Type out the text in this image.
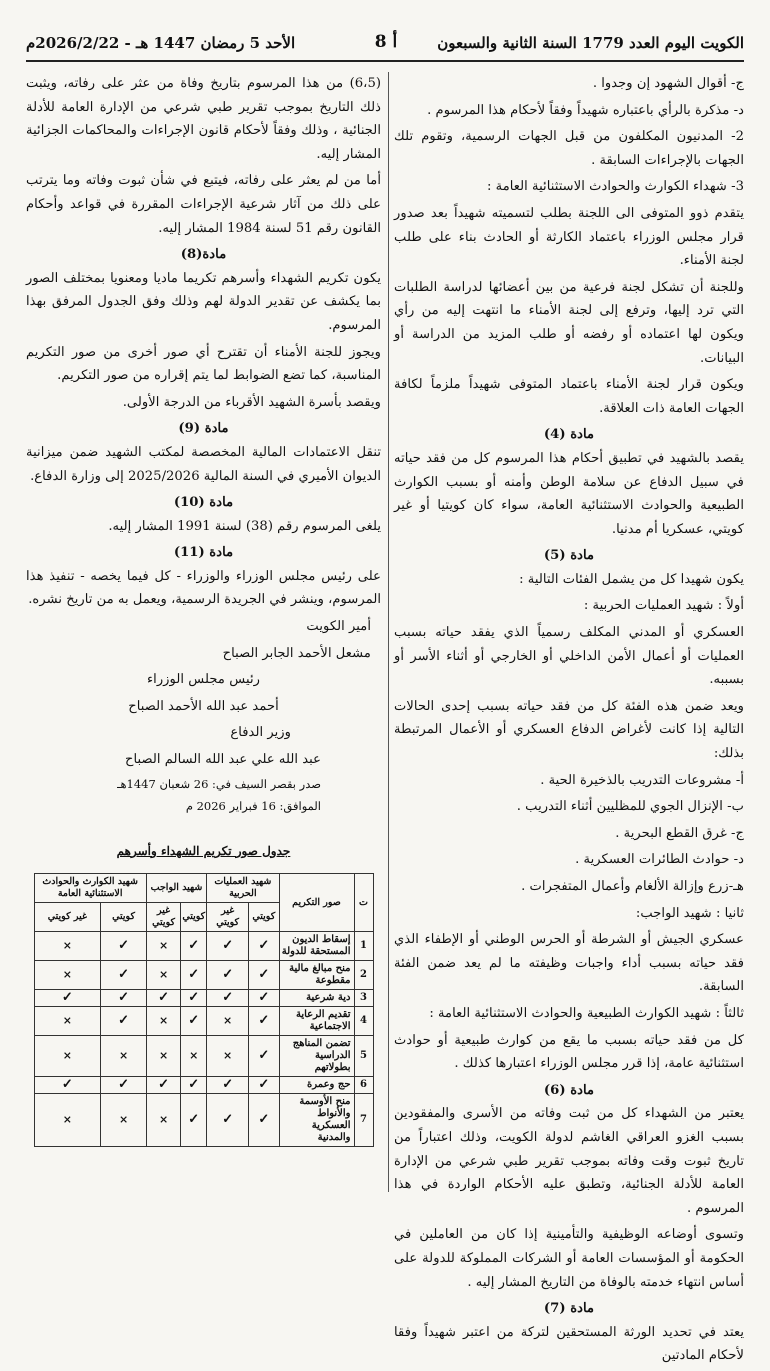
الكويت اليوم العدد 1779 السنة الثانية والسبعون
أ 8
الأحد 5 رمضان 1447 هـ - 2026/2/22م

ج- أقوال الشهود إن وجدوا .

د- مذكرة بالرأي باعتباره شهيداً وفقاً لأحكام هذا المرسوم .

2- المدنيون المكلفون من قبل الجهات الرسمية، وتقوم تلك الجهات بالإجراءات السابقة .

3- شهداء الكوارث والحوادث الاستثنائية العامة :

يتقدم ذوو المتوفى الى اللجنة بطلب لتسميته شهيداً بعد صدور قرار مجلس الوزراء باعتماد الكارثة أو الحادث بناء على طلب لجنة الأمناء.

وللجنة أن تشكل لجنة فرعية من بين أعضائها لدراسة الطلبات التي ترد إليها، وترفع إلى لجنة الأمناء ما انتهت إليه من رأي ويكون لها اعتماده أو رفضه أو طلب المزيد من الدراسة أو البيانات.

ويكون قرار لجنة الأمناء باعتماد المتوفى شهيداً ملزماً لكافة الجهات العامة ذات العلاقة.

مادة (4)

يقصد بالشهيد في تطبيق أحكام هذا المرسوم كل من فقد حياته في سبيل الدفاع عن سلامة الوطن وأمنه أو بسبب الكوارث الطبيعية والحوادث الاستثنائية العامة، سواء كان كويتيا أو غير كويتي، عسكريا أم مدنيا.

مادة (5)

يكون شهيدا كل من يشمل الفئات التالية :

أولاً : شهيد العمليات الحربية :

العسكري أو المدني المكلف رسمياً الذي يفقد حياته بسبب العمليات أو أعمال الأمن الداخلي أو الخارجي أو أثناء الأسر أو بسببه.

ويعد ضمن هذه الفئة كل من فقد حياته بسبب إحدى الحالات التالية إذا كانت لأغراض الدفاع العسكري أو الأعمال المرتبطة بذلك:

أ- مشروعات التدريب بالذخيرة الحية .

ب- الإنزال الجوي للمظليين أثناء التدريب .

ج- غرق القطع البحرية .

د- حوادث الطائرات العسكرية .

هـ-زرع وإزالة الألغام وأعمال المتفجرات .

ثانيا : شهيد الواجب:

عسكري الجيش أو الشرطة أو الحرس الوطني أو الإطفاء الذي فقد حياته بسبب أداء واجبات وظيفته ما لم يعد ضمن الفئة السابقة.

ثالثاً : شهيد الكوارث الطبيعية والحوادث الاستثنائية العامة :

كل من فقد حياته بسبب ما يقع من كوارث طبيعية أو حوادث استثنائية عامة، إذا قرر مجلس الوزراء اعتبارها كذلك .

مادة (6)

يعتبر من الشهداء كل من ثبت وفاته من الأسرى والمفقودين بسبب الغزو العراقي الغاشم لدولة الكويت، وذلك اعتباراً من تاريخ ثبوت وقت وفاته بموجب تقرير طبي شرعي من الإدارة العامة للأدلة الجنائية، وتطبق عليه الأحكام الواردة في هذا المرسوم .

وتسوى أوضاعه الوظيفية والتأمينية إذا كان من العاملين في الحكومة أو المؤسسات العامة أو الشركات المملوكة للدولة على أساس انتهاء خدمته بالوفاة من التاريخ المشار إليه .

مادة (7)

يعتد في تحديد الورثة المستحقين لتركة من اعتبر شهيداً وفقا لأحكام المادتين

(6،5) من هذا المرسوم بتاريخ وفاة من عثر على رفاته، ويثبت ذلك التاريخ بموجب تقرير طبي شرعي من الإدارة العامة للأدلة الجنائية ، وذلك وفقاً لأحكام قانون الإجراءات والمحاكمات الجزائية المشار إليه.

أما من لم يعثر على رفاته، فيتبع في شأن ثبوت وفاته وما يترتب على ذلك من آثار شرعية الإجراءات المقررة في قواعد وأحكام القانون رقم 51 لسنة 1984 المشار إليه.

مادة(8)

يكون تكريم الشهداء وأسرهم تكريما ماديا ومعنويا بمختلف الصور بما يكشف عن تقدير الدولة لهم وذلك وفق الجدول المرفق بهذا المرسوم.

ويجوز للجنة الأمناء أن تقترح أي صور أخرى من صور التكريم المناسبة، كما تضع الضوابط لما يتم إقراره من صور التكريم.

ويقصد بأسرة الشهيد الأقرباء من الدرجة الأولى.

مادة (9)

تنقل الاعتمادات المالية المخصصة لمكتب الشهيد ضمن ميزانية الديوان الأميري في السنة المالية 2025/2026 إلى وزارة الدفاع.

مادة (10)

يلغى المرسوم رقم (38) لسنة 1991 المشار إليه.

مادة (11)

على رئيس مجلس الوزراء والوزراء - كل فيما يخصه - تنفيذ هذا المرسوم، وينشر في الجريدة الرسمية، ويعمل به من تاريخ نشره.

أمير الكويت

مشعل الأحمد الجابر الصباح

رئيس مجلس الوزراء

أحمد عبد الله الأحمد الصباح

وزير الدفاع

عبد الله علي عبد الله السالم الصباح

صدر بقصر السيف في: 26 شعبان 1447هـ

الموافق: 16 فبراير 2026 م

جدول صور تكريم الشهداء وأسرهم
ت	صور التكريم	شهيد العمليات الحربية		شهيد الواجب		شهيد الكوارث والحوادث الاستثنائية العامة	
		كويتي	غير كويتي	كويتي	غير كويتي	كويتي	غير كويتي
1	إسقاط الديون المستحقة للدولة	✓	✓	✓	×	✓	×
2	منح مبالغ مالية مقطوعة	✓	✓	✓	×	✓	×
3	دية شرعية	✓	✓	✓	✓	✓	✓
4	تقديم الرعاية الاجتماعية	✓	×	✓	×	✓	×
5	تضمن المناهج الدراسية بطولاتهم	✓	×	×	×	×	×
6	حج وعمرة	✓	✓	✓	✓	✓	✓
7	منح الأوسمة والأنواط العسكرية والمدنية	✓	✓	✓	×	×	×
